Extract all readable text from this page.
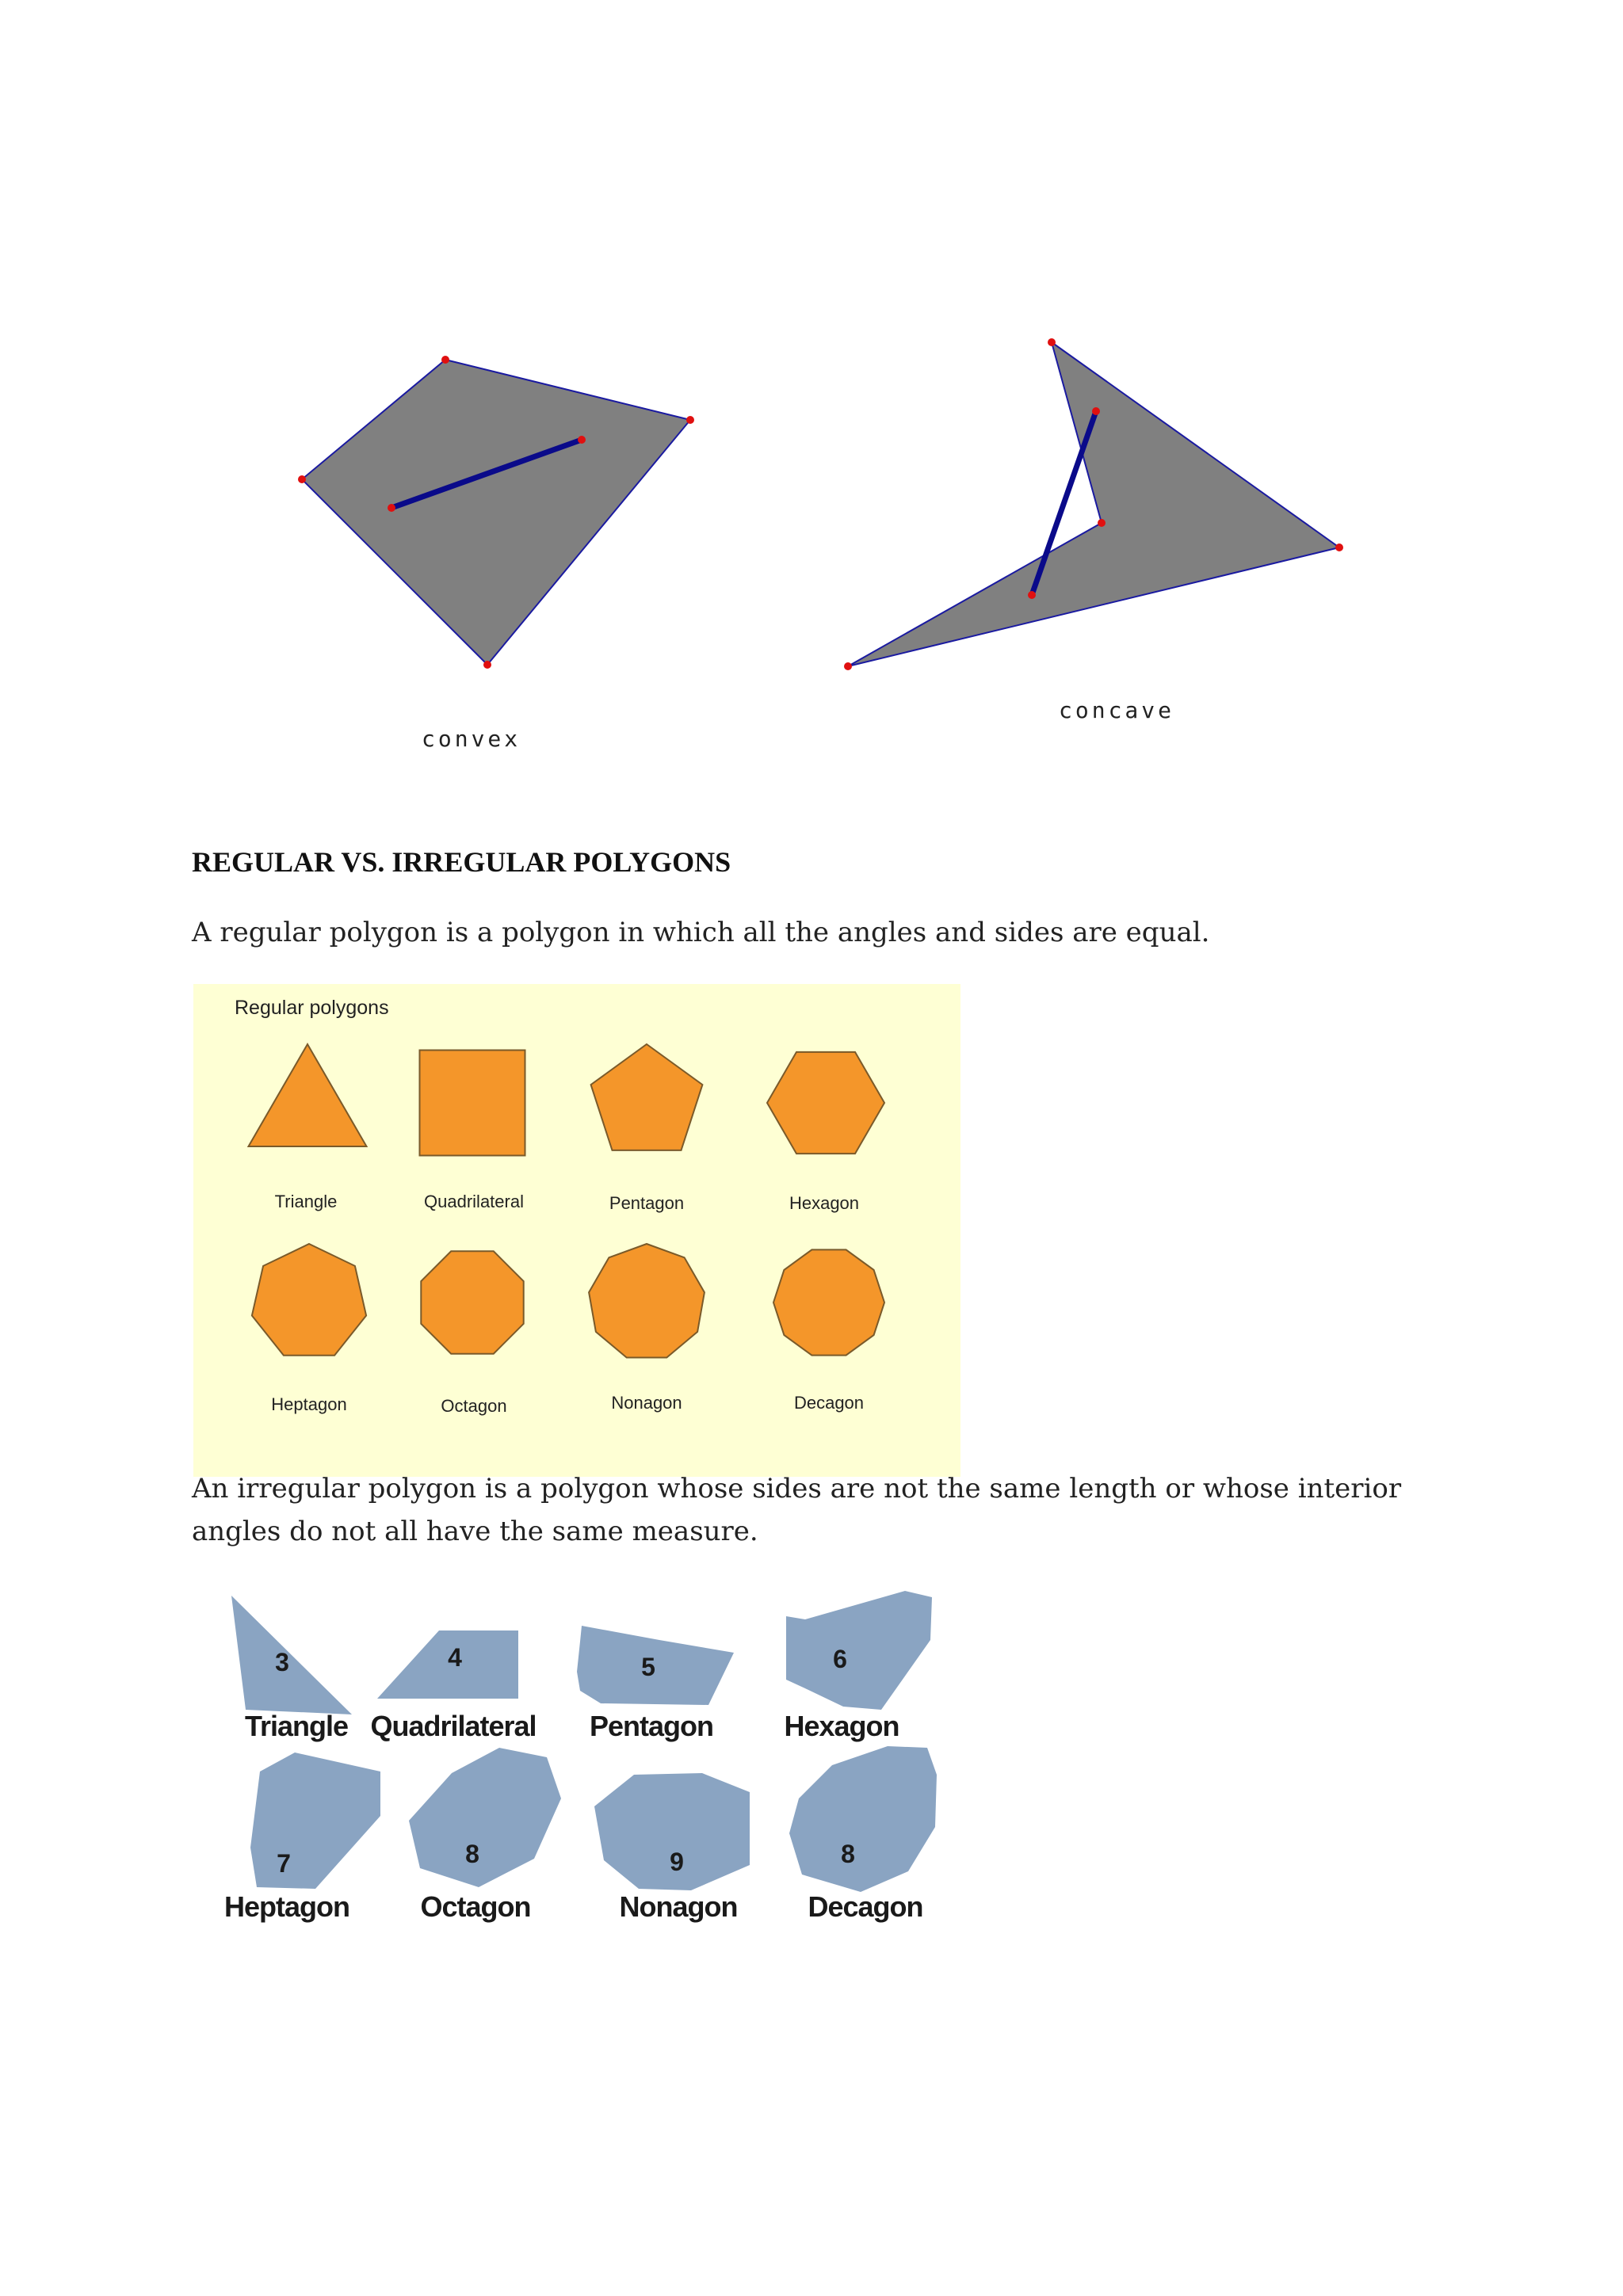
convex
concave
REGULAR VS. IRREGULAR POLYGONS
A regular polygon is a polygon in which all the angles and sides are equal.
Regular polygons
Triangle	Quadrilateral	Pentagon	Hexagon
Heptagon	Octagon	Nonagon	Decagon
An irregular polygon is a polygon whose sides are not the same length or whose interior angles do not all have the same measure.
3	4	5	6
7	8	9	8
Triangle Quadrilateral Pentagon Hexagon
Heptagon Octagon	Nonagon Decagon
